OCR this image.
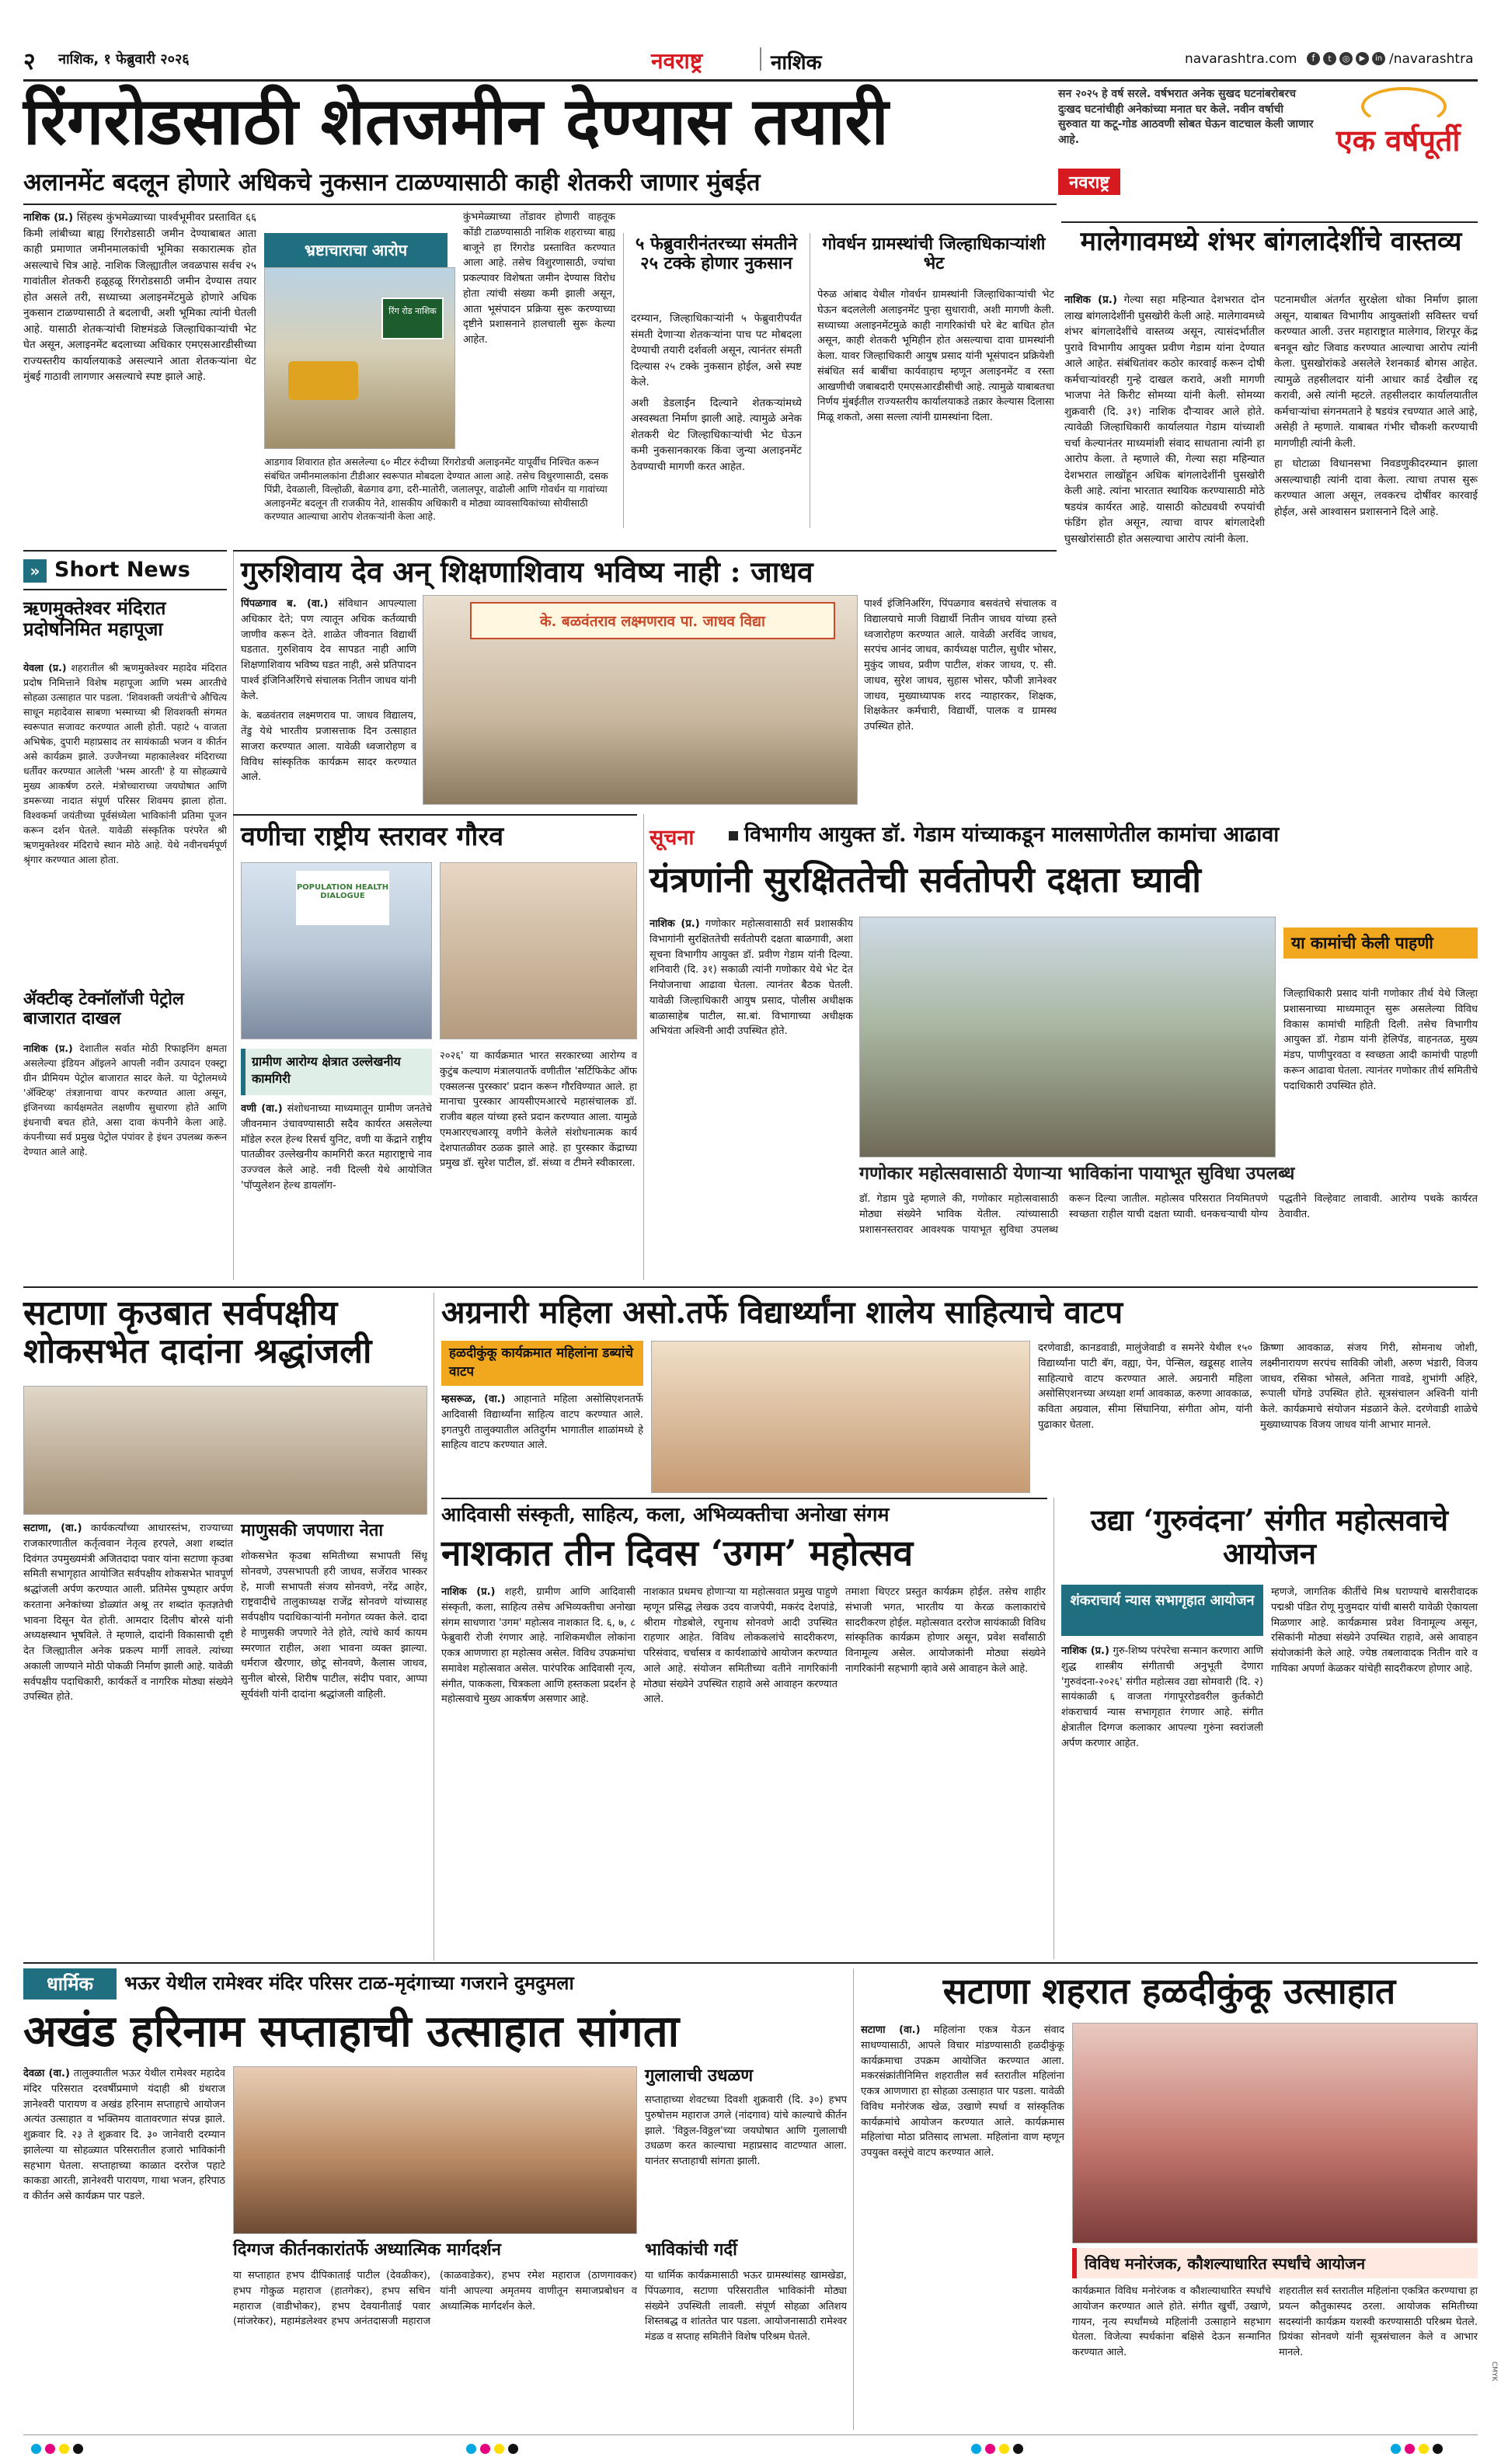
२ नाशिक, १ फेब्रुवारी २०२६	नवराष्ट्र	नाशिक	navarashtra.com	f	t	◎	▶	in /navarashtra
रिंगरोडसाठी शेतजमीन देण्यास तयारी
अलानमेंट बदलून होणारे अधिकचे नुकसान टाळण्यासाठी काही शेतकरी जाणार मुंबईत

नाशिक (प्र.) सिंहस्थ कुंभमेळ्याच्या पार्श्वभूमीवर प्रस्तावित ६६ किमी लांबीच्या बाह्य रिंगरोडसाठी जमीन देण्याबाबत आता काही प्रमाणात जमीनमालकांची भूमिका सकारात्मक होत असल्याचे चित्र आहे. नाशिक जिल्ह्यातील जवळपास सर्वच २५ गावांतील शेतकरी हळूहळू रिंगरोडसाठी जमीन देण्यास तयार होत असले तरी, सध्याच्या अलाइनमेंटमुळे होणारे अधिक नुकसान टाळण्यासाठी ते बदलाची, अशी भूमिका त्यांनी घेतली आहे. यासाठी शेतकऱ्यांची शिष्टमंडळे जिल्हाधिकाऱ्यांची भेट घेत असून, अलाइनमेंट बदलाच्या अधिकार एमएसआरडीसीच्या राज्यस्तरीय कार्यालयाकडे असल्याने आता शेतकऱ्यांना थेट मुंबई गाठावी लागणार असल्याचे स्पष्ट झाले आहे.

भ्रष्टाचाराचा आरोप
रिंग रोड नाशिक
कुंभमेळ्याच्या तोंडावर होणारी वाहतूक कोंडी टाळण्यासाठी नाशिक शहराच्या बाह्य बाजूने हा रिंगरोड प्रस्तावित करण्यात आला आहे. तसेच विशुरणासाठी, ज्यांचा प्रकल्पावर विशेषता जमीन देण्यास विरोध होता त्यांची संख्या कमी झाली असून, आता भूसंपादन प्रक्रिया सुरू करण्याच्या दृष्टीने प्रशासनाने हालचाली सुरू केल्या आहेत.
आडगाव शिवारात होत असलेल्या ६० मीटर रुंदीच्या रिंगरोडची अलाइनमेंट यापूर्वीच निश्चित करून संबंधित जमीनमालकांना टीडीआर स्वरूपात मोबदला देण्यात आला आहे. तसेच विधुरणासाठी, दसक पिंप्री, देवळाली, विल्होळी, बेळगाव ढगा, दरी-मातोरी, जलालपूर, वाढोली आणि गोवर्धन या गावांच्या अलाइनमेंट बदलून ती राजकीय नेते, शासकीय अधिकारी व मोठ्या व्यावसायिकांच्या सोयीसाठी करण्यात आल्याचा आरोप शेतकऱ्यांनी केला आहे.
५ फेब्रुवारीनंतरच्या संमतीने २५ टक्के होणार नुकसान

दरम्यान, जिल्हाधिकाऱ्यांनी ५ फेब्रुवारीपर्यंत संमती देणाऱ्या शेतकऱ्यांना पाच पट मोबदला देण्याची तयारी दर्शवली असून, त्यानंतर संमती दिल्यास २५ टक्के नुकसान होईल, असे स्पष्ट केले.

अशी डेडलाईन दिल्याने शेतकऱ्यांमध्ये अस्वस्थता निर्माण झाली आहे. त्यामुळे अनेक शेतकरी थेट जिल्हाधिकाऱ्यांची भेट घेऊन कमी नुकसानकारक किंवा जुन्या अलाइनमेंट ठेवण्याची मागणी करत आहेत.

गोवर्धन ग्रामस्थांची जिल्हाधिकाऱ्यांशी भेट
पेरुळ आंबाद येथील गोवर्धन ग्रामस्थांनी जिल्हाधिकाऱ्यांची भेट घेऊन बदललेली अलाइनमेंट पुन्हा सुधारावी, अशी मागणी केली. सध्याच्या अलाइनमेंटमुळे काही नागरिकांची घरे बेट बाधित होत असून, काही शेतकरी भूमिहीन होत असल्याचा दावा ग्रामस्थांनी केला. यावर जिल्हाधिकारी आयुष प्रसाद यांनी भूसंपादन प्रक्रियेशी संबंधित सर्व बाबींचा कार्यवाहाच म्हणून अलाइनमेंट व रस्ता आखणीची जबाबदारी एमएसआरडीसीची आहे. त्यामुळे याबाबतचा निर्णय मुंबईतील राज्यस्तरीय कार्यालयाकडे तक्रार केल्यास दिलासा मिळू शकतो, असा सल्ला त्यांनी ग्रामस्थांना दिला.
सन २०२५ हे वर्ष सरले. वर्षभरात अनेक सुखद घटनांबरोबरच दुःखद घटनांचीही अनेकांच्या मनात घर केले. नवीन वर्षाची सुरुवात या कटू-गोड आठवणी सोबत घेऊन वाटचाल केली जाणार आहे.
नवराष्ट्र
एक वर्षपूर्ती
मालेगावमध्ये शंभर बांगलादेशींचे वास्तव्य

नाशिक (प्र.) गेल्या सहा महिन्यात देशभरात दोन लाख बांगलादेशींनी घुसखोरी केली आहे. मालेगावमध्ये शंभर बांगलादेशींचे वास्तव्य असून, त्यासंदर्भातील पुरावे विभागीय आयुक्त प्रवीण गेडाम यांना देण्यात आले आहेत. संबंधितांवर कठोर कारवाई करून दोषी कर्मचाऱ्यांवरही गुन्हे दाखल करावे, अशी मागणी भाजपा नेते किरीट सोमय्या यांनी केली. सोमय्या शुक्रवारी (दि. ३१) नाशिक दौऱ्यावर आले होते. त्यावेळी जिल्हाधिकारी कार्यालयात गेडाम यांच्याशी चर्चा केल्यानंतर माध्यमांशी संवाद साधताना त्यांनी हा आरोप केला. ते म्हणाले की, गेल्या सहा महिन्यात देशभरात लाखोंहून अधिक बांगलादेशींनी घुसखोरी केली आहे. त्यांना भारतात स्थायिक करण्यासाठी मोठे षडयंत्र कार्यरत आहे. यासाठी कोट्यवधी रुपयांची फंडिंग होत असून, त्याचा वापर बांगलादेशी घुसखोरांसाठी होत असल्याचा आरोप त्यांनी केला.

पटनामधील अंतर्गत सुरक्षेला धोका निर्माण झाला असून, याबाबत विभागीय आयुक्तांशी सविस्तर चर्चा करण्यात आली. उत्तर महाराष्ट्रात मालेगाव, शिरपूर केंद्र बनवून खोट जिवाड करण्यात आल्याचा आरोप त्यांनी केला. घुसखोरांकडे असलेले रेशनकार्ड बोगस आहेत. त्यामुळे तहसीलदार यांनी आधार कार्ड देखील रद्द करावी, असे त्यांनी म्हटले. तहसीलदार कार्यालयातील कर्मचाऱ्यांचा संगनमताने हे षडयंत्र रचण्यात आले आहे, असेही ते म्हणाले. याबाबत गंभीर चौकशी करण्याची मागणीही त्यांनी केली.

हा घोटाळा विधानसभा निवडणुकीदरम्यान झाला असल्याचाही त्यांनी दावा केला. त्याचा तपास सुरू करण्यात आला असून, लवकरच दोषींवर कारवाई होईल, असे आश्वासन प्रशासनाने दिले आहे.

» Short News
ऋणमुक्तेश्वर मंदिरात प्रदोषनिमित महापूजा

येवला (प्र.) शहरातील श्री ऋणमुक्तेश्वर महादेव मंदिरात प्रदोष निमित्ताने विशेष महापूजा आणि भस्म आरतीचे सोहळा उत्साहात पार पडला. 'शिवशक्ती जयंती'चे औचित्य साधून महादेवास साबणा भस्माच्या श्री शिवशक्ती संगमत स्वरूपात सजावट करण्यात आली होती. पहाटे ५ वाजता अभिषेक, दुपारी महाप्रसाद तर सायंकाळी भजन व कीर्तन असे कार्यक्रम झाले. उज्जैनच्या महाकालेश्वर मंदिराच्या धर्तीवर करण्यात आलेली 'भस्म आरती' हे या सोहळ्याचे मुख्य आकर्षण ठरले. मंत्रोच्चाराच्या जयघोषात आणि डमरूच्या नादात संपूर्ण परिसर शिवमय झाला होता. विश्वकर्मा जयंतीच्या पूर्वसंध्येला भाविकांनी प्रतिमा पूजन करून दर्शन घेतले. यावेळी संस्कृतिक परंपरेत श्री ऋणमुक्तेश्वर मंदिराचे स्थान मोठे आहे. येथे नवीनचर्मपूर्ण श्रृंगार करण्यात आला होता.

ॲक्टीव्ह टेक्नॉलॉजी पेट्रोल बाजारात दाखल

नाशिक (प्र.) देशातील सर्वात मोठी रिफाइनिंग क्षमता असलेल्या इंडियन ऑइलने आपली नवीन उत्पादन एक्स्ट्रा ग्रीन प्रीमियम पेट्रोल बाजारात सादर केले. या पेट्रोलमध्ये 'ॲक्टिव्ह' तंत्रज्ञानाचा वापर करण्यात आला असून, इंजिनच्या कार्यक्षमतेत लक्षणीय सुधारणा होते आणि इंधनाची बचत होते, असा दावा कंपनीने केला आहे. कंपनीच्या सर्व प्रमुख पेट्रोल पंपांवर हे इंधन उपलब्ध करून देण्यात आले आहे.

गुरुशिवाय देव अन् शिक्षणाशिवाय भविष्य नाही : जाधव

पिंपळगाव ब. (वा.) संविधान आपल्याला अधिकार देते; पण त्यातून अधिक कर्तव्याची जाणीव करून देते. शाळेत जीवनात विद्यार्थी घडतात. गुरुशिवाय देव सापडत नाही आणि शिक्षणाशिवाय भविष्य घडत नाही, असे प्रतिपादन पार्श्व इंजिनिअरिंगचे संचालक नितीन जाधव यांनी केले.

के. बळवंतराव लक्ष्मणराव पा. जाधव विद्यालय, तेंडु येथे भारतीय प्रजासत्ताक दिन उत्साहात साजरा करण्यात आला. यावेळी ध्वजारोहण व विविध सांस्कृतिक कार्यक्रम सादर करण्यात आले.

के. बळवंतराव लक्ष्मणराव पा. जाधव विद्या
पार्श्व इंजिनिअरिंग, पिंपळगाव बसवंतचे संचालक व विद्यालयाचे माजी विद्यार्थी नितीन जाधव यांच्या हस्ते ध्वजारोहण करण्यात आले. यावेळी अरविंद जाधव, सरपंच आनंद जाधव, कार्यध्यक्ष पाटील, सुधीर भोसर, मुकुंद जाधव, प्रवीण पाटील, शंकर जाधव, ए. सी. जाधव, सुरेश जाधव, सुहास भोसर, फौजी ज्ञानेश्वर जाधव, मुख्याध्यापक शरद न्याहारकर, शिक्षक, शिक्षकेतर कर्मचारी, विद्यार्थी, पालक व ग्रामस्थ उपस्थित होते.
वणीचा राष्ट्रीय स्तरावर गौरव
POPULATION HEALTH DIALOGUE
ग्रामीण आरोग्य क्षेत्रात उल्लेखनीय कामगिरी

वणी (वा.) संशोधनाच्या माध्यमातून ग्रामीण जनतेचे जीवनमान उंचावण्यासाठी सदैव कार्यरत असलेल्या मॉडेल रुरल हेल्थ रिसर्च युनिट, वणी या केंद्राने राष्ट्रीय पातळीवर उल्लेखनीय कामगिरी करत महाराष्ट्राचे नाव उज्ज्वल केले आहे. नवी दिल्ली येथे आयोजित 'पॉप्युलेशन हेल्थ डायलॉग-

२०२६' या कार्यक्रमात भारत सरकारच्या आरोग्य व कुटुंब कल्याण मंत्रालयातर्फे वणीतील 'सर्टिफिकेट ऑफ एक्सलन्स पुरस्कार' प्रदान करून गौरविण्यात आले. हा मानाचा पुरस्कार आयसीएमआरचे महासंचालक डॉ. राजीव बहल यांच्या हस्ते प्रदान करण्यात आला. यामुळे एमआरएचआरयू वणीने केलेले संशोधनात्मक कार्य देशपातळीवर ठळक झाले आहे. हा पुरस्कार केंद्राच्या प्रमुख डॉ. सुरेश पाटील, डॉ. संध्या व टीमने स्वीकारला.
सूचना विभागीय आयुक्त डॉ. गेडाम यांच्याकडून मालसाणेतील कामांचा आढावा
यंत्रणांनी सुरक्षिततेची सर्वतोपरी दक्षता घ्यावी

नाशिक (प्र.) गणोकार महोत्सवासाठी सर्व प्रशासकीय विभागांनी सुरक्षिततेची सर्वतोपरी दक्षता बाळगावी, अशा सूचना विभागीय आयुक्त डॉ. प्रवीण गेडाम यांनी दिल्या. शनिवारी (दि. ३१) सकाळी त्यांनी गणोकार येथे भेट देत नियोजनाचा आढावा घेतला. त्यानंतर बैठक घेतली. यावेळी जिल्हाधिकारी आयुष प्रसाद, पोलीस अधीक्षक बाळासाहेब पाटील, सा.बां. विभागाच्या अधीक्षक अभियंता अश्विनी आदी उपस्थित होते.

या कामांची केली पाहणी
जिल्हाधिकारी प्रसाद यांनी गणोकार तीर्थ येथे जिल्हा प्रशासनाच्या माध्यमातून सुरू असलेल्या विविध विकास कामांची माहिती दिली. तसेच विभागीय आयुक्त डॉ. गेडाम यांनी हेलिपॅड, वाहनतळ, मुख्य मंडप, पाणीपुरवठा व स्वच्छता आदी कामांची पाहणी करून आढावा घेतला. त्यानंतर गणोकार तीर्थ समितीचे पदाधिकारी उपस्थित होते.
गणोकार महोत्सवासाठी येणाऱ्या भाविकांना पायाभूत सुविधा उपलब्ध
डॉ. गेडाम पुढे म्हणाले की, गणोकार महोत्सवासाठी मोठ्या संख्येने भाविक येतील. त्यांच्यासाठी प्रशासनस्तरावर आवश्यक पायाभूत सुविधा उपलब्ध करून दिल्या जातील. महोत्सव परिसरात नियमितपणे स्वच्छता राहील याची दक्षता घ्यावी. धनकचऱ्याची योग्य पद्धतीने विल्हेवाट लावावी. आरोग्य पथके कार्यरत ठेवावीत.
सटाणा कृउबात सर्वपक्षीय शोकसभेत दादांना श्रद्धांजली

सटाणा, (वा.) कार्यकर्त्यांच्या आधारस्तंभ, राज्याच्या राजकारणातील कर्तृत्ववान नेतृत्व हरपले, अशा शब्दांत दिवंगत उपमुख्यमंत्री अजितदादा पवार यांना सटाणा कृउबा समिती सभागृहात आयोजित सर्वपक्षीय शोकसभेत भावपूर्ण श्रद्धांजली अर्पण करण्यात आली. प्रतिमेस पुष्पहार अर्पण करताना अनेकांच्या डोळ्यांत अश्रू तर शब्दांत कृतज्ञतेची भावना दिसून येत होती. आमदार दिलीप बोरसे यांनी अध्यक्षस्थान भूषविले. ते म्हणाले, दादांनी विकासाची दृष्टी देत जिल्ह्यातील अनेक प्रकल्प मार्गी लावले. त्यांच्या अकाली जाण्याने मोठी पोकळी निर्माण झाली आहे. यावेळी सर्वपक्षीय पदाधिकारी, कार्यकर्ते व नागरिक मोठ्या संख्येने उपस्थित होते.

माणुसकी जपणारा नेता
शोकसभेत कृउबा समितीच्या सभापती सिंधू सोनवणे, उपसभापती हरी जाधव, सर्जेराव भास्कर हे, माजी सभापती संजय सोनवणे, नरेंद्र आहेर, राष्ट्रवादीचे तालुकाध्यक्ष राजेंद्र सोनवणे यांच्यासह सर्वपक्षीय पदाधिकाऱ्यांनी मनोगत व्यक्त केले. दादा हे माणुसकी जपणारे नेते होते, त्यांचे कार्य कायम स्मरणात राहील, अशा भावना व्यक्त झाल्या. धर्मराज खैरणार, छोटू सोनवणे, कैलास जाधव, सुनील बोरसे, शिरीष पाटील, संदीप पवार, आप्पा सूर्यवंशी यांनी दादांना श्रद्धांजली वाहिली.
अग्रनारी महिला असो.तर्फे विद्यार्थ्यांना शालेय साहित्याचे वाटप
हळदीकुंकू कार्यक्रमात महिलांना डब्यांचे वाटप

म्हसरूळ, (वा.) आहानाते महिला असोसिएशनतर्फे आदिवासी विद्यार्थ्यांना साहित्य वाटप करण्यात आले. इगतपुरी तालुक्यातील अतिदुर्गम भागातील शाळांमध्ये हे साहित्य वाटप करण्यात आले.

दरणेवाडी, कानडवाडी, मालुंजेवाडी व समनेरे येथील १५० विद्यार्थ्यांना पाटी बॅग, वह्या, पेन, पेन्सिल, खडूसह शालेय साहित्याचे वाटप करण्यात आले. अग्रनारी महिला असोसिएशनच्या अध्यक्षा शर्मा आवकाळ, करुणा आवकाळ, कविता अग्रवाल, सीमा सिंघानिया, संगीता ओम, यांनी पुढाकार घेतला.
क्रिष्णा आवकाळ, संजय गिरी, सोमनाथ जोशी, लक्ष्मीनारायण सरपंच साविकी जोशी, अरुण भंडारी, विजय जाधव, रसिका भोसले, अनिता गावडे, शुभांगी अहिरे, रूपाली घोंगडे उपस्थित होते. सूत्रसंचालन अश्विनी यांनी केले. कार्यक्रमाचे संयोजन मंडळाने केले. दरणेवाडी शाळेचे मुख्याध्यापक विजय जाधव यांनी आभार मानले.
आदिवासी संस्कृती, साहित्य, कला, अभिव्यक्तीचा अनोखा संगम
नाशकात तीन दिवस ‘उगम’ महोत्सव

नाशिक (प्र.) शहरी, ग्रामीण आणि आदिवासी संस्कृती, कला, साहित्य तसेच अभिव्यक्तीचा अनोखा संगम साधणारा 'उगम' महोत्सव नाशकात दि. ६, ७, ८ फेब्रुवारी रोजी रंगणार आहे. नाशिकमधील लोकांना एकत्र आणणारा हा महोत्सव असेल. विविध उपक्रमांचा समावेश महोत्सवात असेल. पारंपरिक आदिवासी नृत्य, संगीत, पाककला, चित्रकला आणि हस्तकला प्रदर्शन हे महोत्सवाचे मुख्य आकर्षण असणार आहे.

नाशकात प्रथमच होणाऱ्या या महोत्सवात प्रमुख पाहुणे म्हणून प्रसिद्ध लेखक उदय वाजपेयी, मकरंद देशपांडे, श्रीराम गोडबोले, रघुनाथ सोनवणे आदी उपस्थित राहणार आहेत. विविध लोककलांचे सादरीकरण, परिसंवाद, चर्चासत्र व कार्यशाळांचे आयोजन करण्यात आले आहे. संयोजन समितीच्या वतीने नागरिकांनी मोठ्या संख्येने उपस्थित राहावे असे आवाहन करण्यात आले.
तमाशा थिएटर प्रस्तुत कार्यक्रम होईल. तसेच शाहीर संभाजी भगत, भारतीय या केरळ कलाकारांचे सादरीकरण होईल. महोत्सवात दररोज सायंकाळी विविध सांस्कृतिक कार्यक्रम होणार असून, प्रवेश सर्वांसाठी विनामूल्य असेल. आयोजकांनी मोठ्या संख्येने नागरिकांनी सहभागी व्हावे असे आवाहन केले आहे.
उद्या ‘गुरुवंदना’ संगीत महोत्सवाचे आयोजन
शंकराचार्य न्यास सभागृहात आयोजन

नाशिक (प्र.) गुरु-शिष्य परंपरेचा सन्मान करणारा आणि शुद्ध शास्त्रीय संगीताची अनुभूती देणारा 'गुरुवंदना-२०२६' संगीत महोत्सव उद्या सोमवारी (दि. २) सायंकाळी ६ वाजता गंगापूररोडवरील कुर्तकोटी शंकराचार्य न्यास सभागृहात रंगणार आहे. संगीत क्षेत्रातील दिग्गज कलाकार आपल्या गुरुंना स्वरांजली अर्पण करणार आहेत.

म्हणजे, जागतिक कीर्तीचे मिश्र घराण्याचे बासरीवादक पद्मश्री पंडित रोणू मुजुमदार यांची बासरी यावेळी ऐकायला मिळणार आहे. कार्यक्रमास प्रवेश विनामूल्य असून, रसिकांनी मोठ्या संख्येने उपस्थित राहावे, असे आवाहन संयोजकांनी केले आहे. ज्येष्ठ तबलावादक नितीन वारे व गायिका अपर्णा केळकर यांचेही सादरीकरण होणार आहे.
धार्मिक	भऊर येथील रामेश्वर मंदिर परिसर टाळ-मृदंगाच्या गजराने दुमदुमला
अखंड हरिनाम सप्ताहाची उत्साहात सांगता

देवळा (वा.) तालुक्यातील भऊर येथील रामेश्वर महादेव मंदिर परिसरात दरवर्षीप्रमाणे यंदाही श्री ग्रंथराज ज्ञानेश्वरी पारायण व अखंड हरिनाम सप्ताहाचे आयोजन अत्यंत उत्साहात व भक्तिमय वातावरणात संपन्न झाले. शुक्रवार दि. २३ ते शुक्रवार दि. ३० जानेवारी दरम्यान झालेल्या या सोहळ्यात परिसरातील हजारो भाविकांनी सहभाग घेतला. सप्ताहाच्या काळात दररोज पहाटे काकडा आरती, ज्ञानेश्वरी पारायण, गाथा भजन, हरिपाठ व कीर्तन असे कार्यक्रम पार पडले.

गुलालाची उधळण
सप्ताहाच्या शेवटच्या दिवशी शुक्रवारी (दि. ३०) हभप पुरुषोत्तम महाराज उगले (नांदगाव) यांचे काल्याचे कीर्तन झाले. 'विठ्ठल-विठ्ठल'च्या जयघोषात आणि गुलालाची उधळण करत काल्याचा महाप्रसाद वाटण्यात आला. यानंतर सप्ताहाची सांगता झाली.
दिग्गज कीर्तनकारांतर्फे अध्यात्मिक मार्गदर्शन
या सप्ताहात हभप दीपिकाताई पाटील (देवळीकर), हभप गोकुळ महाराज (हातगेकर), हभप सचिन महाराज (वाडीभोकर), हभप देवयानीताई पवार (मांजरेकर), महामंडलेश्वर हभप अनंतदासजी महाराज (काळवाडेकर), हभप रमेश महाराज (ठाणगावकर) यांनी आपल्या अमृतमय वाणीतून समाजप्रबोधन व अध्यात्मिक मार्गदर्शन केले.
भाविकांची गर्दी
या धार्मिक कार्यक्रमासाठी भऊर ग्रामस्थांसह खामखेडा, पिंपळगाव, सटाणा परिसरातील भाविकांनी मोठ्या संख्येने उपस्थिती लावली. संपूर्ण सोहळा अतिशय शिस्तबद्ध व शांततेत पार पडला. आयोजनासाठी रामेश्वर मंडळ व सप्ताह समितीने विशेष परिश्रम घेतले.
सटाणा शहरात हळदीकुंकू उत्साहात

सटाणा (वा.) महिलांना एकत्र येऊन संवाद साधण्यासाठी, आपले विचार मांडण्यासाठी हळदीकुंकू कार्यक्रमाचा उपक्रम आयोजित करण्यात आला. मकरसंक्रांतीनिमित्त शहरातील सर्व स्तरातील महिलांना एकत्र आणणारा हा सोहळा उत्साहात पार पडला. यावेळी विविध मनोरंजक खेळ, उखाणे स्पर्धा व सांस्कृतिक कार्यक्रमांचे आयोजन करण्यात आले. कार्यक्रमास महिलांचा मोठा प्रतिसाद लाभला. महिलांना वाण म्हणून उपयुक्त वस्तूंचे वाटप करण्यात आले.

विविध मनोरंजक, कौशल्याधारित स्पर्धांचे आयोजन
कार्यक्रमात विविध मनोरंजक व कौशल्याधारित स्पर्धांचे आयोजन करण्यात आले होते. संगीत खुर्ची, उखाणे, गायन, नृत्य स्पर्धांमध्ये महिलांनी उत्साहाने सहभाग घेतला. विजेत्या स्पर्धकांना बक्षिसे देऊन सन्मानित करण्यात आले.
शहरातील सर्व स्तरातील महिलांना एकत्रित करण्याचा हा प्रयत्न कौतुकास्पद ठरला. आयोजक समितीच्या सदस्यांनी कार्यक्रम यशस्वी करण्यासाठी परिश्रम घेतले. प्रियंका सोनवणे यांनी सूत्रसंचालन केले व आभार मानले.
CMYK
